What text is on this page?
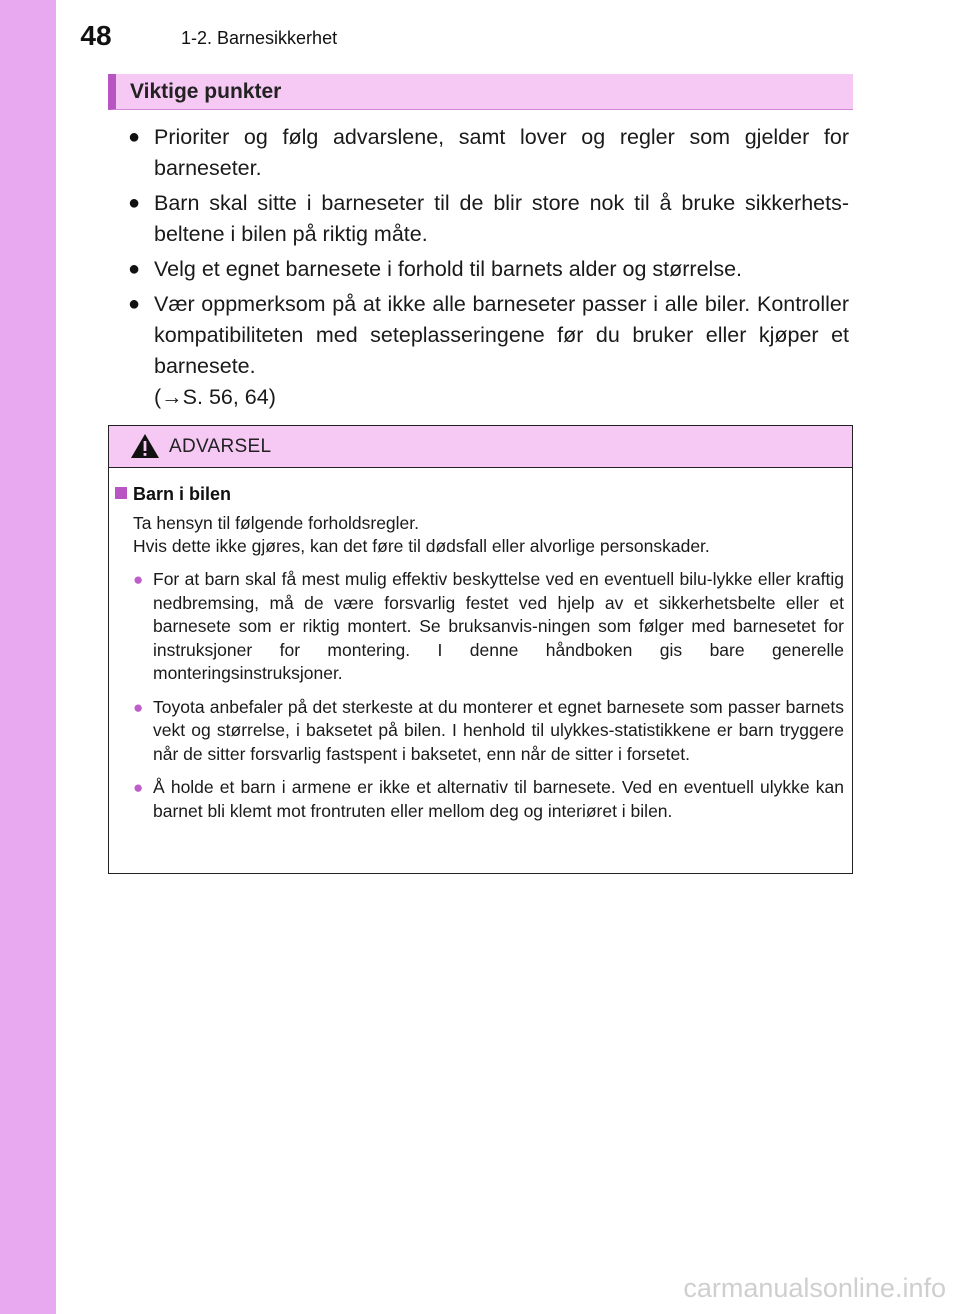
48	1-2. Barnesikkerhet
Viktige punkter
● Prioriter og følg advarslene, samt lover og regler som gjelder for barneseter.
● Barn skal sitte i barneseter til de blir store nok til å bruke sikkerhets-beltene i bilen på riktig måte.
● Velg et egnet barnesete i forhold til barnets alder og størrelse.
● Vær oppmerksom på at ikke alle barneseter passer i alle biler. Kontroller kompatibiliteten med seteplasseringene før du bruker eller kjøper et barnesete.
(→S. 56, 64)
ADVARSEL
Barn i bilen
Ta hensyn til følgende forholdsregler.
Hvis dette ikke gjøres, kan det føre til dødsfall eller alvorlige personskader.
● For at barn skal få mest mulig effektiv beskyttelse ved en eventuell bilu-lykke eller kraftig nedbremsing, må de være forsvarlig festet ved hjelp av et sikkerhetsbelte eller et barnesete som er riktig montert. Se bruksanvis-ningen som følger med barnesetet for instruksjoner for montering. I denne håndboken gis bare generelle monteringsinstruksjoner.
● Toyota anbefaler på det sterkeste at du monterer et egnet barnesete som passer barnets vekt og størrelse, i baksetet på bilen. I henhold til ulykkes-statistikkene er barn tryggere når de sitter forsvarlig fastspent i baksetet, enn når de sitter i forsetet.
● Å holde et barn i armene er ikke et alternativ til barnesete. Ved en eventuell ulykke kan barnet bli klemt mot frontruten eller mellom deg og interiøret i bilen.
carmanualsonline.info
